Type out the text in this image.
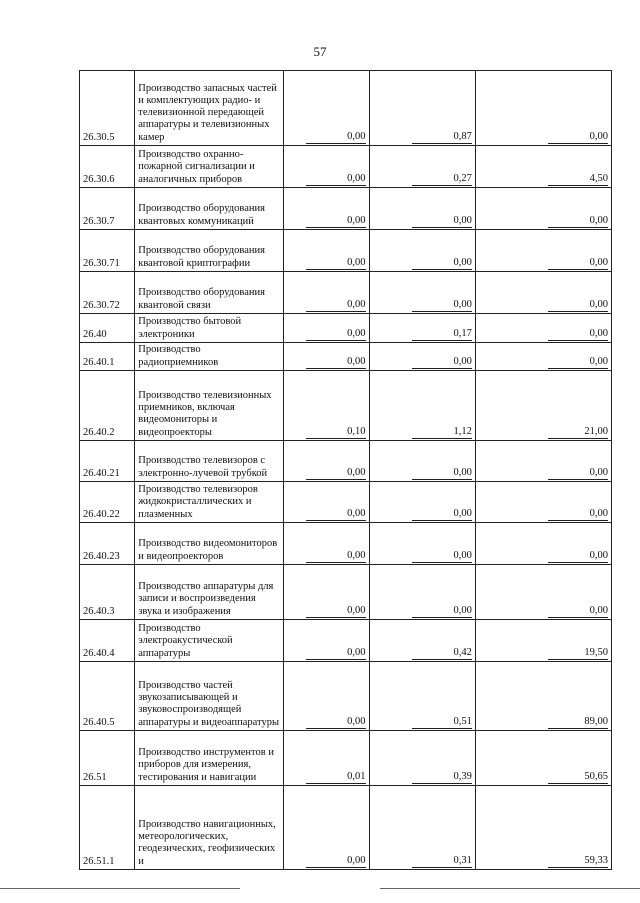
57
26.30.5	Производство запасных частей и комплектующих радио- и телевизионной передающей аппаратуры и телевизионных камер	0,00	0,87	0,00
26.30.6	Производство охранно-пожарной сигнализации и аналогичных приборов	0,00	0,27	4,50
26.30.7	Производство оборудования квантовых коммуникаций	0,00	0,00	0,00
26.30.71	Производство оборудования квантовой криптографии	0,00	0,00	0,00
26.30.72	Производство оборудования квантовой связи	0,00	0,00	0,00
26.40	Производство бытовой электроники	0,00	0,17	0,00
26.40.1	Производство радиоприемников	0,00	0,00	0,00
26.40.2	Производство телевизионных приемников, включая видеомониторы и видеопроекторы	0,10	1,12	21,00
26.40.21	Производство телевизоров с электронно-лучевой трубкой	0,00	0,00	0,00
26.40.22	Производство телевизоров жидкокристаллических и плазменных	0,00	0,00	0,00
26.40.23	Производство видеомониторов и видеопроекторов	0,00	0,00	0,00
26.40.3	Производство аппаратуры для записи и воспроизведения звука и изображения	0,00	0,00	0,00
26.40.4	Производство электроакустической аппаратуры	0,00	0,42	19,50
26.40.5	Производство частей звукозаписывающей и звуковоспроизводящей аппаратуры и видеоаппаратуры	0,00	0,51	89,00
26.51	Производство инструментов и приборов для измерения, тестирования и навигации	0,01	0,39	50,65
26.51.1	Производство навигационных, метеорологических, геодезических, геофизических и	0,00	0,31	59,33
